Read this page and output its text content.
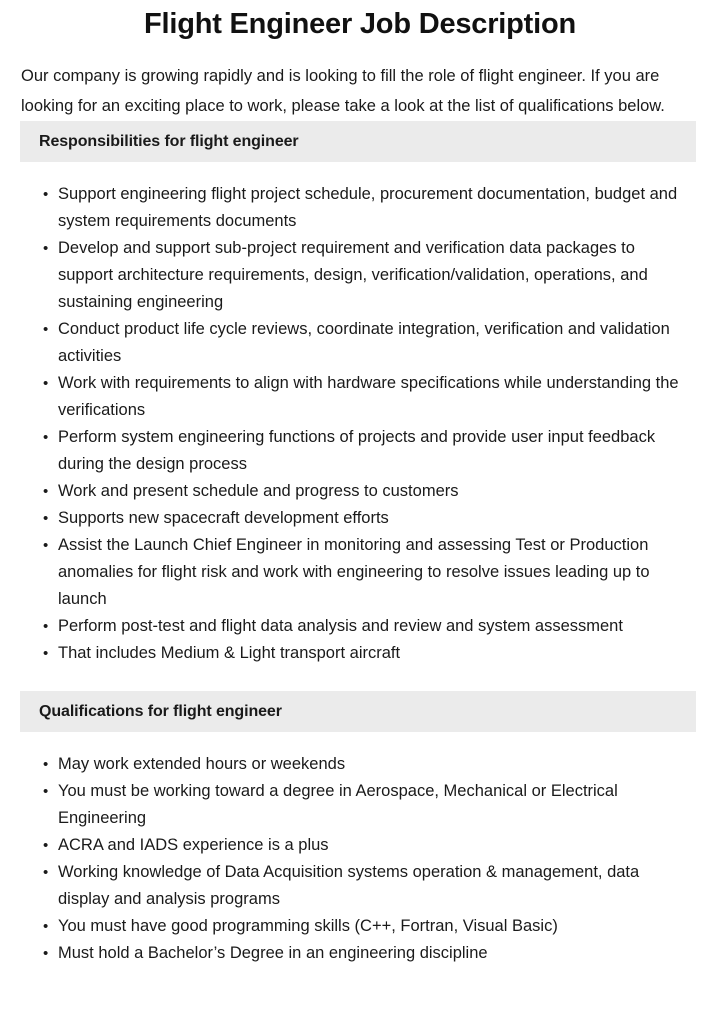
Flight Engineer Job Description

Our company is growing rapidly and is looking to fill the role of flight engineer. If you are looking for an exciting place to work, please take a look at the list of qualifications below.

Responsibilities for flight engineer
• Support engineering flight project schedule, procurement documentation, budget and system requirements documents
• Develop and support sub-project requirement and verification data packages to support architecture requirements, design, verification/validation, operations, and sustaining engineering
• Conduct product life cycle reviews, coordinate integration, verification and validation activities
• Work with requirements to align with hardware specifications while understanding the verifications
• Perform system engineering functions of projects and provide user input feedback during the design process
• Work and present schedule and progress to customers
• Supports new spacecraft development efforts
• Assist the Launch Chief Engineer in monitoring and assessing Test or Production anomalies for flight risk and work with engineering to resolve issues leading up to launch
• Perform post-test and flight data analysis and review and system assessment
• That includes Medium & Light transport aircraft
Qualifications for flight engineer
• May work extended hours or weekends
• You must be working toward a degree in Aerospace, Mechanical or Electrical Engineering
• ACRA and IADS experience is a plus
• Working knowledge of Data Acquisition systems operation & management, data display and analysis programs
• You must have good programming skills (C++, Fortran, Visual Basic)
• Must hold a Bachelor’s Degree in an engineering discipline
